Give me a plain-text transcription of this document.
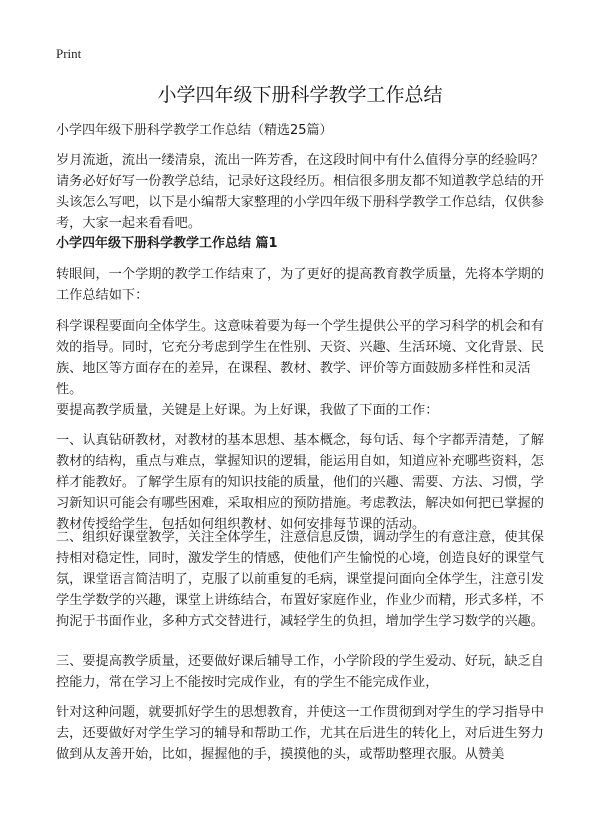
Print
小学四年级下册科学教学工作总结

小学四年级下册科学教学工作总结（精选25篇）

岁月流逝，流出一缕清泉，流出一阵芳香，在这段时间中有什么值得分享的经验吗？请务必好好写一份教学总结，记录好这段经历。相信很多朋友都不知道教学总结的开头该怎么写吧，以下是小编帮大家整理的小学四年级下册科学教学工作总结，仅供参考，大家一起来看看吧。

小学四年级下册科学教学工作总结 篇1

转眼间，一个学期的教学工作结束了，为了更好的提高教育教学质量，先将本学期的工作总结如下：

科学课程要面向全体学生。这意味着要为每一个学生提供公平的学习科学的机会和有效的指导。同时，它充分考虑到学生在性别、天资、兴趣、生活环境、文化背景、民族、地区等方面存在的差异，在课程、教材、教学、评价等方面鼓励多样性和灵活性。

要提高教学质量，关键是上好课。为上好课，我做了下面的工作：

一、认真钻研教材，对教材的基本思想、基本概念，每句话、每个字都弄清楚，了解教材的结构，重点与难点，掌握知识的逻辑，能运用自如，知道应补充哪些资料，怎样才能教好。了解学生原有的知识技能的质量，他们的兴趣、需要、方法、习惯，学习新知识可能会有哪些困难，采取相应的预防措施。考虑教法，解决如何把已掌握的教材传授给学生，包括如何组织教材、如何安排每节课的活动。

二、组织好课堂教学，关注全体学生，注意信息反馈，调动学生的有意注意，使其保持相对稳定性，同时，激发学生的情感，使他们产生愉悦的心境，创造良好的课堂气氛，课堂语言简洁明了，克服了以前重复的毛病，课堂提问面向全体学生，注意引发学生学数学的兴趣，课堂上讲练结合，布置好家庭作业，作业少而精，形式多样，不拘泥于书面作业，多种方式交替进行，减轻学生的负担，增加学生学习数学的兴趣。

三、要提高教学质量，还要做好课后辅导工作，小学阶段的学生爱动、好玩，缺乏自控能力，常在学习上不能按时完成作业，有的学生不能完成作业，

针对这种问题，就要抓好学生的思想教育，并使这一工作贯彻到对学生的学习指导中去，还要做好对学生学习的辅导和帮助工作，尤其在后进生的转化上，对后进生努力做到从友善开始，比如，握握他的手，摸摸他的头，或帮助整理衣服。从赞美
